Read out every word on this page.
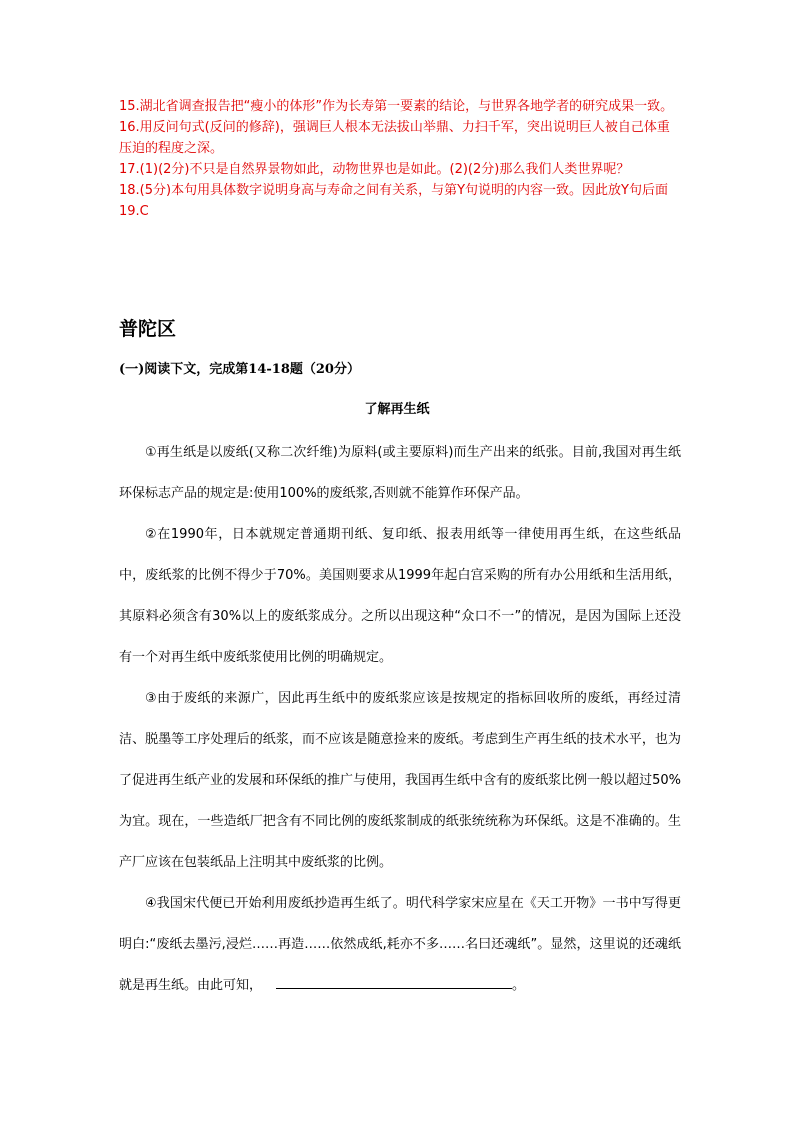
15.湖北省调查报告把“瘦小的体形”作为长寿第一要素的结论，与世界各地学者的研究成果一致。

16.用反问句式(反问的修辞)，强调巨人根本无法拔山举鼎、力扫千军，突出说明巨人被自己体重压迫的程度之深。

17.(1)(2分)不只是自然界景物如此，动物世界也是如此。(2)(2分)那么我们人类世界呢？

18.(5分)本句用具体数字说明身高与寿命之间有关系，与第Y句说明的内容一致。因此放Y句后面

19.C

普陀区
(一)阅读下文，完成第14-18题（20分）
了解再生纸

①再生纸是以废纸(又称二次纤维)为原料(或主要原料)而生产出来的纸张。目前,我国对再生纸环保标志产品的规定是:使用100%的废纸浆,否则就不能算作环保产品。

②在1990年，日本就规定普通期刊纸、复印纸、报表用纸等一律使用再生纸，在这些纸品中，废纸浆的比例不得少于70%。美国则要求从1999年起白宫采购的所有办公用纸和生活用纸，其原料必须含有30%以上的废纸浆成分。之所以出现这种“众口不一”的情况，是因为国际上还没有一个对再生纸中废纸浆使用比例的明确规定。

③由于废纸的来源广，因此再生纸中的废纸浆应该是按规定的指标回收所的废纸，再经过清洁、脱墨等工序处理后的纸浆，而不应该是随意捡来的废纸。考虑到生产再生纸的技术水平，也为了促进再生纸产业的发展和环保纸的推广与使用，我国再生纸中含有的废纸浆比例一般以超过50%为宜。现在，一些造纸厂把含有不同比例的废纸浆制成的纸张统统称为环保纸。这是不准确的。生产厂应该在包装纸品上注明其中废纸浆的比例。

④我国宋代便已开始利用废纸抄造再生纸了。明代科学家宋应星在《天工开物》一书中写得更明白:“废纸去墨污,浸烂……再造……依然成纸,耗亦不多……名曰还魂纸”。显然，这里说的还魂纸就是再生纸。由此可知，	。
